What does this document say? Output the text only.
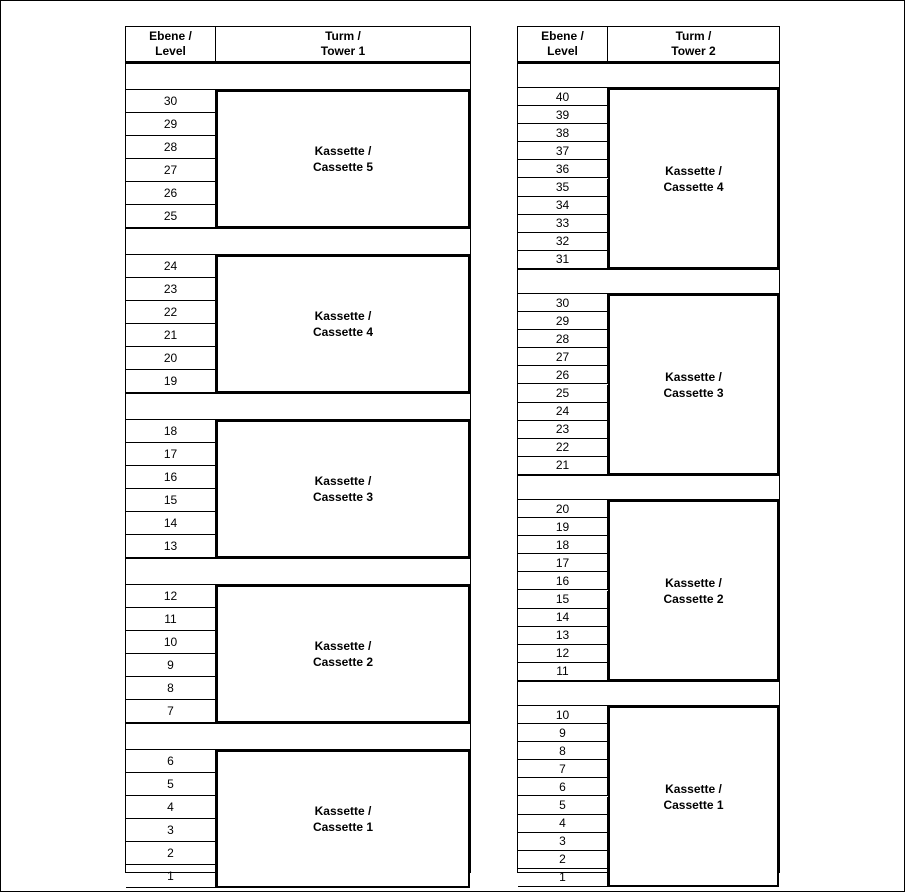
Ebene /
Level
Turm /
Tower 1
30
29
28
27
26
25
Kassette /
Cassette 5
24
23
22
21
20
19
Kassette /
Cassette 4
18
17
16
15
14
13
Kassette /
Cassette 3
12
11
10
9
8
7
Kassette /
Cassette 2
6
5
4
3
2
1
Kassette /
Cassette 1
Ebene /
Level
Turm /
Tower 2
40
39
38
37
36
35
34
33
32
31
Kassette /
Cassette 4
30
29
28
27
26
25
24
23
22
21
Kassette /
Cassette 3
20
19
18
17
16
15
14
13
12
11
Kassette /
Cassette 2
10
9
8
7
6
5
4
3
2
1
Kassette /
Cassette 1
